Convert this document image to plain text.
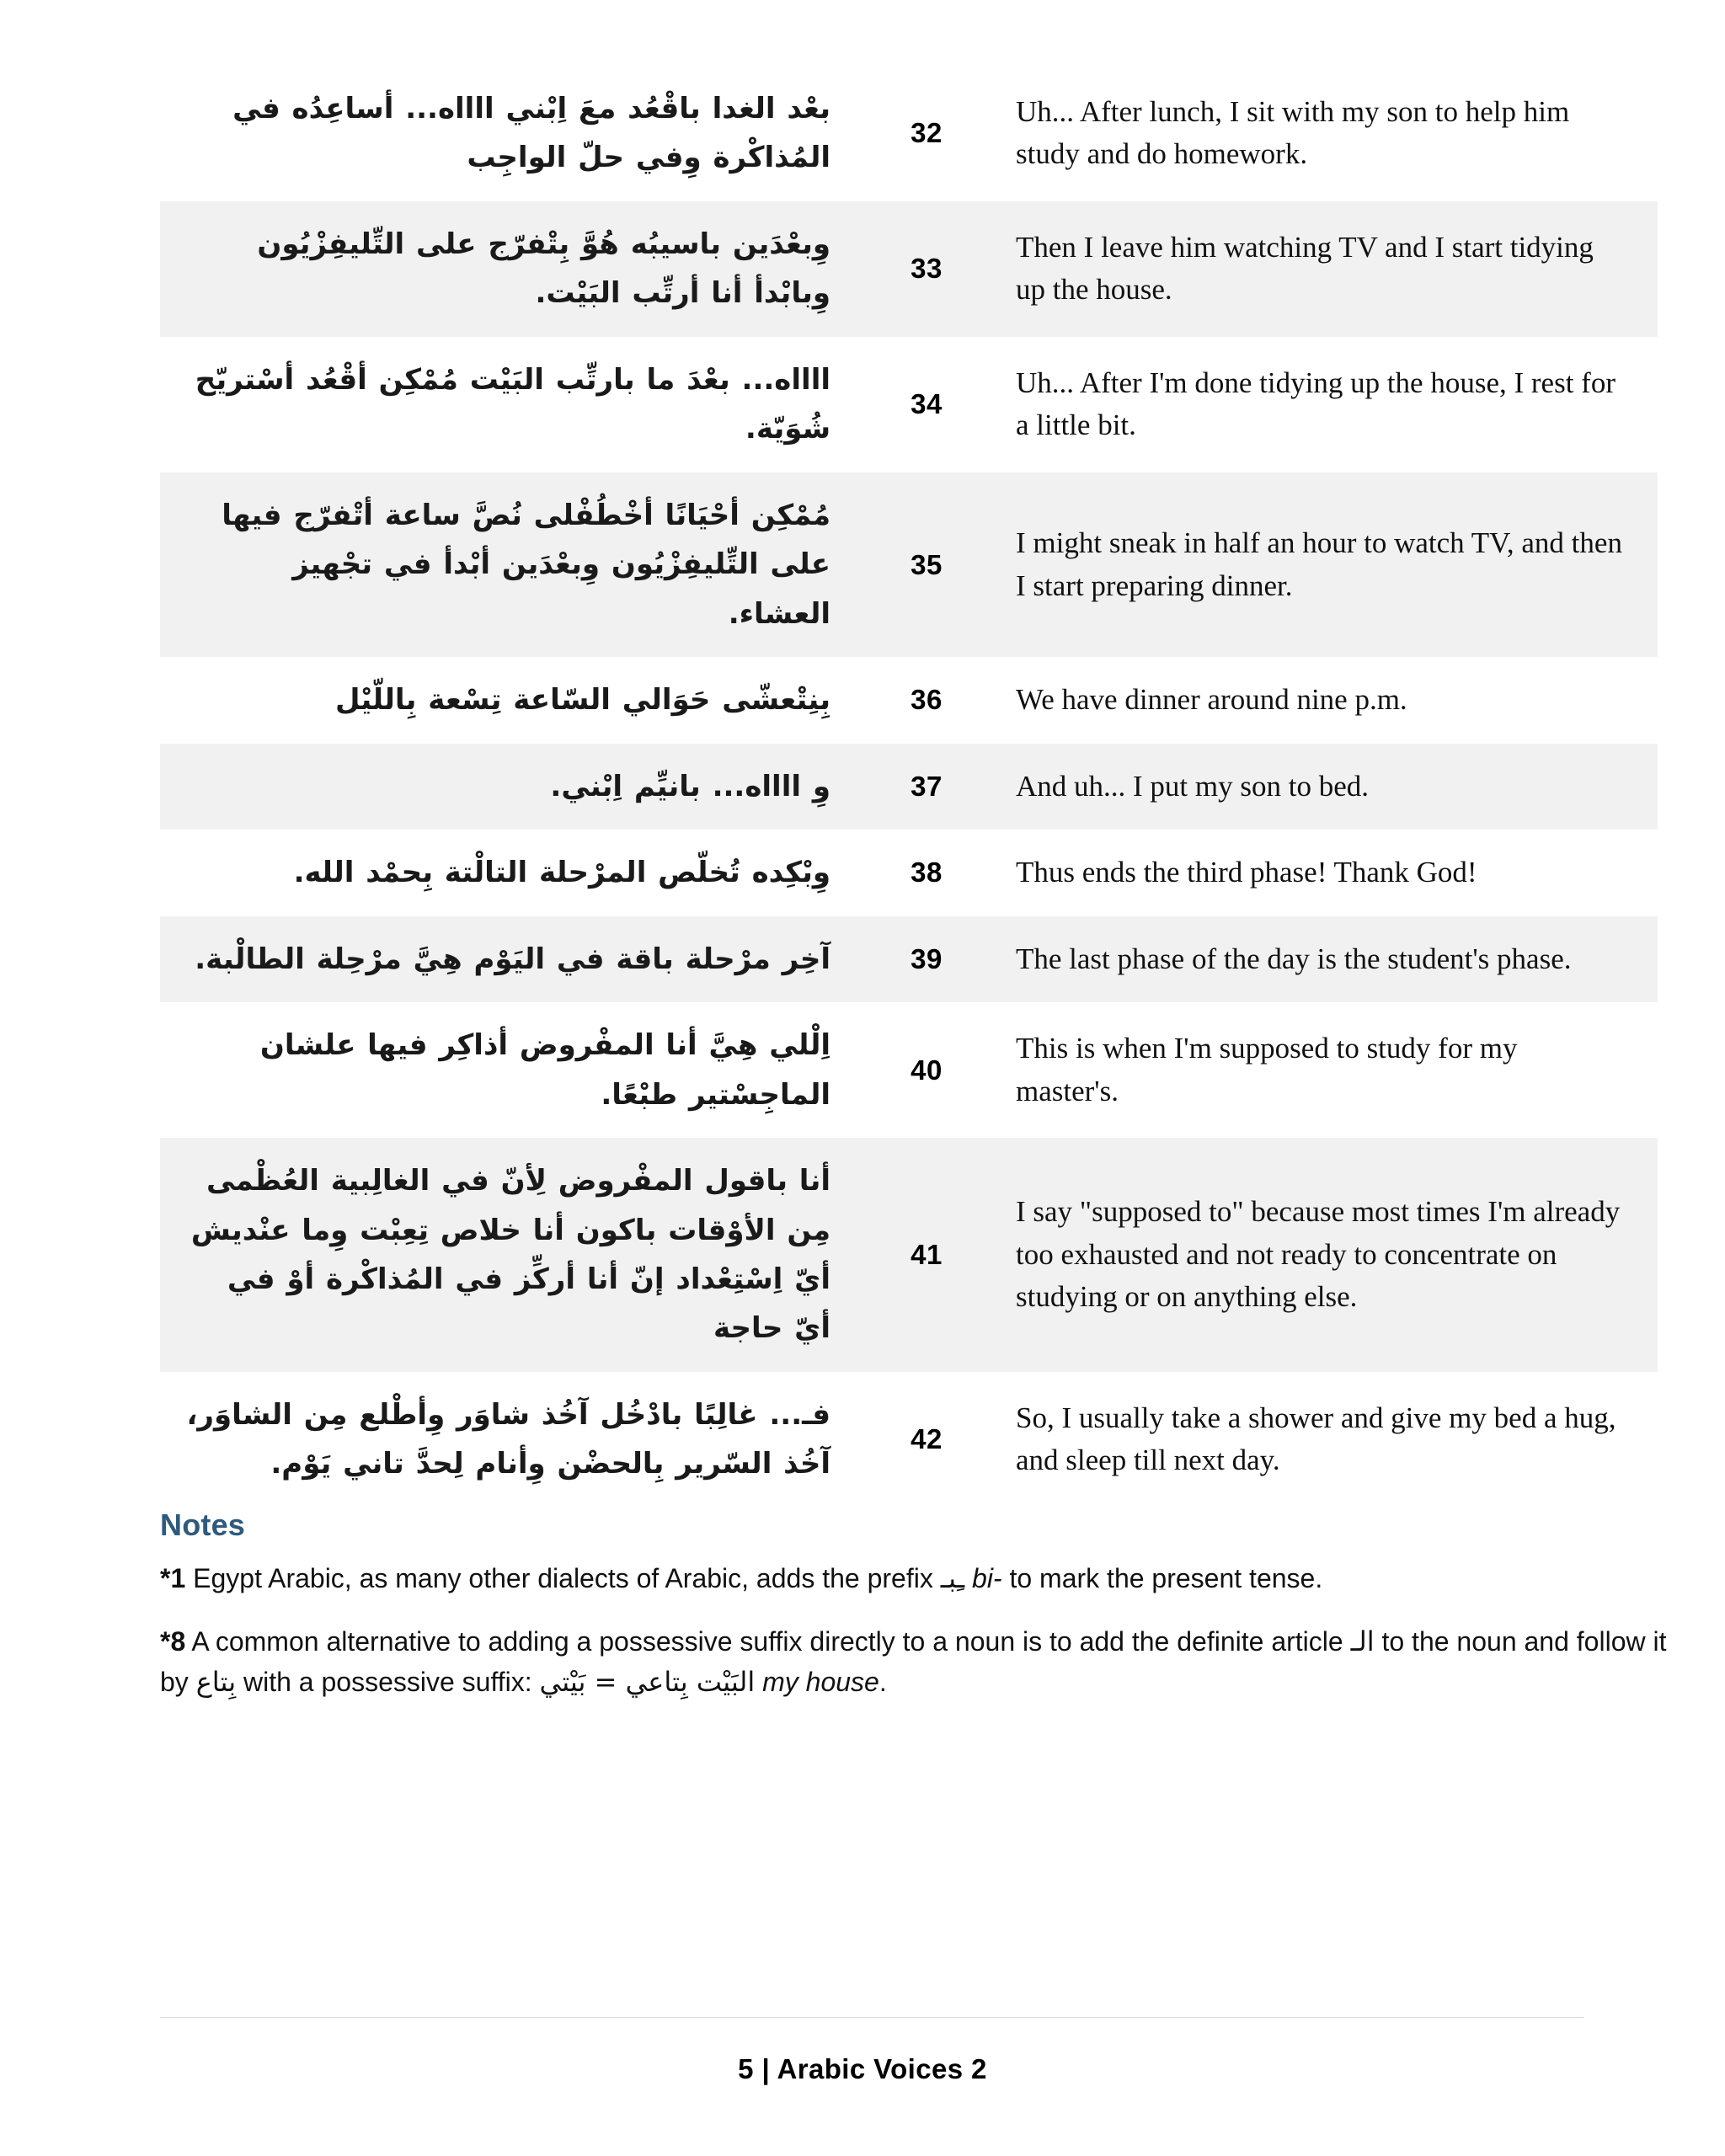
بعد الغدا باقعد مع ابني ااااه... أساعده في المذاكرة وفي حل الواجب	32	Uh... After lunch, I sit with my son to help him study and do homework.
وبعدين باسيبه هو بتفرج على التليفزيون وبابدأ أنا أرتب البيت.	33	Then I leave him watching TV and I start tidying up the house.
ااااه... بعد ما بارتب البيت ممكن أقعد أستريح شوية.	34	Uh... After I'm done tidying up the house, I rest for a little bit.
ممكن أحيانا أخطفلى نص ساعة أتفرج فيها على التليفزيون وبعدين أبدأ في تجهيز العشاء.	35	I might sneak in half an hour to watch TV, and then I start preparing dinner.
بنتعشى حوالي الساعة تسعة بالليل	36	We have dinner around nine p.m.
و ااااه... بانيم ابني.	37	And uh... I put my son to bed.
وبكده تخلص المرحلة التالتة بحمد الله.	38	Thus ends the third phase! Thank God!
آخر مرحلة باقة في اليوم هي مرحلة الطالبة.	39	The last phase of the day is the student's phase.
اللي هي أنا المفروض أذاكر فيها علشان الماجستير طبعا.	40	This is when I'm supposed to study for my master's.
أنا باقول المفروض لأن في الغالبية العظمى من الأوقات باكون أنا خلاص تعبت وما عنديش أي استعداد إن أنا أركز في المذاكرة أو في أي حاجة	41	I say "supposed to" because most times I'm already too exhausted and not ready to concentrate on studying or on anything else.
فـ... غالبا بادخل آخذ شاور وأطلع من الشاور، آخذ السرير بالحضن وأنام لحد تاني يوم.	42	So, I usually take a shower and give my bed a hug, and sleep till next day.
Notes

*1 Egypt Arabic, as many other dialects of Arabic, adds the prefix ـبـ bi- to mark the present tense.

*8 A common alternative to adding a possessive suffix directly to a noun is to add the definite article الـ to the noun and follow it by بتاع with a possessive suffix:	البيت بتاعي = بيتي	my house.

5 | Arabic Voices 2
